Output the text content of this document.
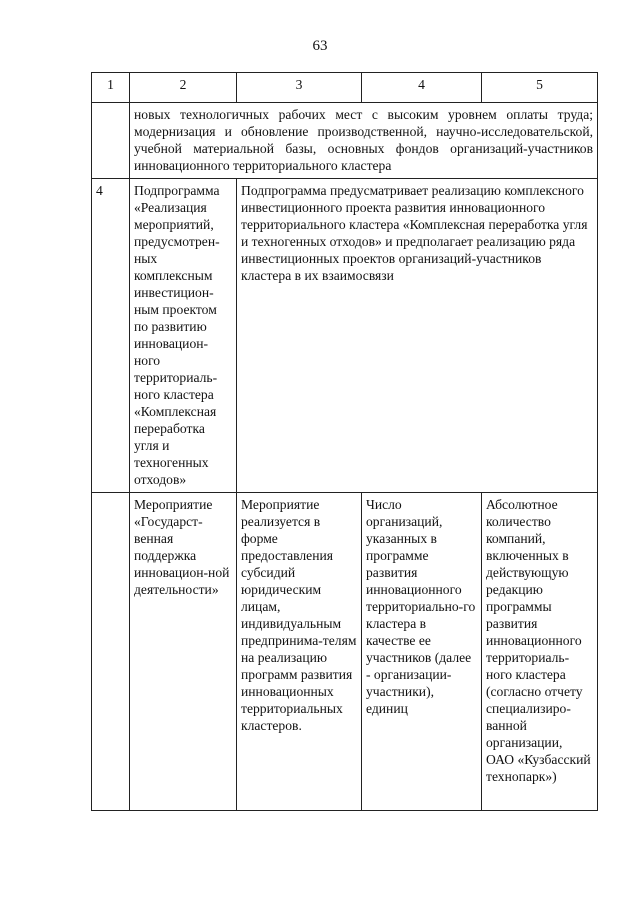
63
1	2	3	4	5
	новых технологичных рабочих мест с высоким уровнем оплаты труда; модернизация и обновление производственной, научно-исследовательской, учебной материальной базы, основных фондов организаций-участников инновационного территориального кластера			
4	Подпрограмма «Реализация мероприятий, предусмотрен-ных комплексным инвестицион-ным проектом по развитию инновацион-ного территориаль-ного кластера «Комплексная переработка угля и техногенных отходов»	Подпрограмма предусматривает реализацию комплексного инвестиционного проекта развития инновационного территориального кластера «Комплексная переработка угля и техногенных отходов» и предполагает реализацию ряда инвестиционных проектов организаций-участников кластера в их взаимосвязи		
	Мероприятие «Государст-венная поддержка инновацион-ной деятельности»	Мероприятие реализуется в форме предоставления субсидий юридическим лицам, индивидуальным предпринима-телям на реализацию программ развития инновационных территориальных кластеров.	Число организаций, указанных в программе развития инновационного территориально-го кластера в качестве ее участников (далее - организации-участники), единиц	Абсолютное количество компаний, включенных в действующую редакцию программы развития инновационного территориаль-ного кластера (согласно отчету специализиро-ванной организации, ОАО «Кузбасский технопарк»)
